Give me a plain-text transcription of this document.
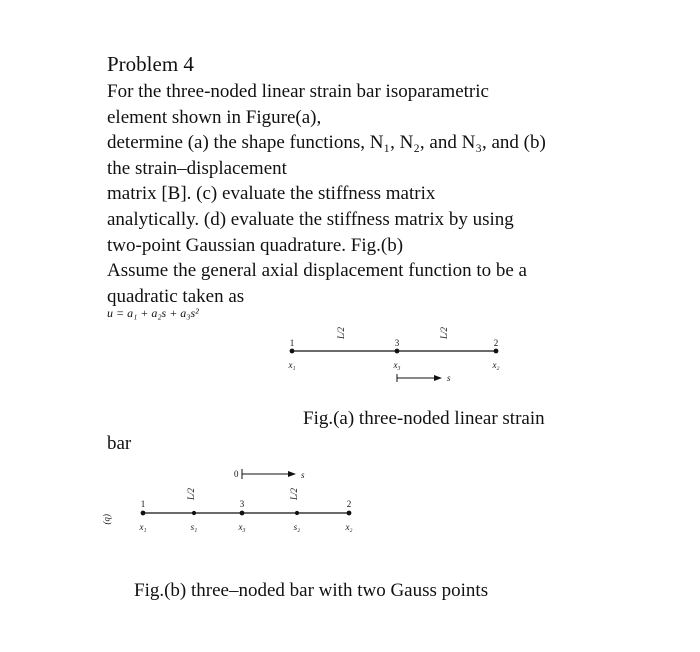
Problem 4
For the three-noded linear strain bar isoparametric
element shown in Figure(a),
determine (a) the shape functions, N₁, N₂, and N₃, and (b)
the strain–displacement
matrix [B]. (c) evaluate the stiffness matrix
analytically. (d) evaluate the stiffness matrix by using
two-point Gaussian quadrature. Fig.(b)
Assume the general axial displacement function to be a
quadratic taken as
u = a₁ + a₂s + a₃s²
1	3	2
x₁	x₃	x₂
L/2	L/2
s
Fig.(a) three-noded linear strain
bar
0	s
(b)
1	3	2
L/2	L/2
x₁	s₁	x₃	s₂	x₂
Fig.(b) three–noded bar with two Gauss points
